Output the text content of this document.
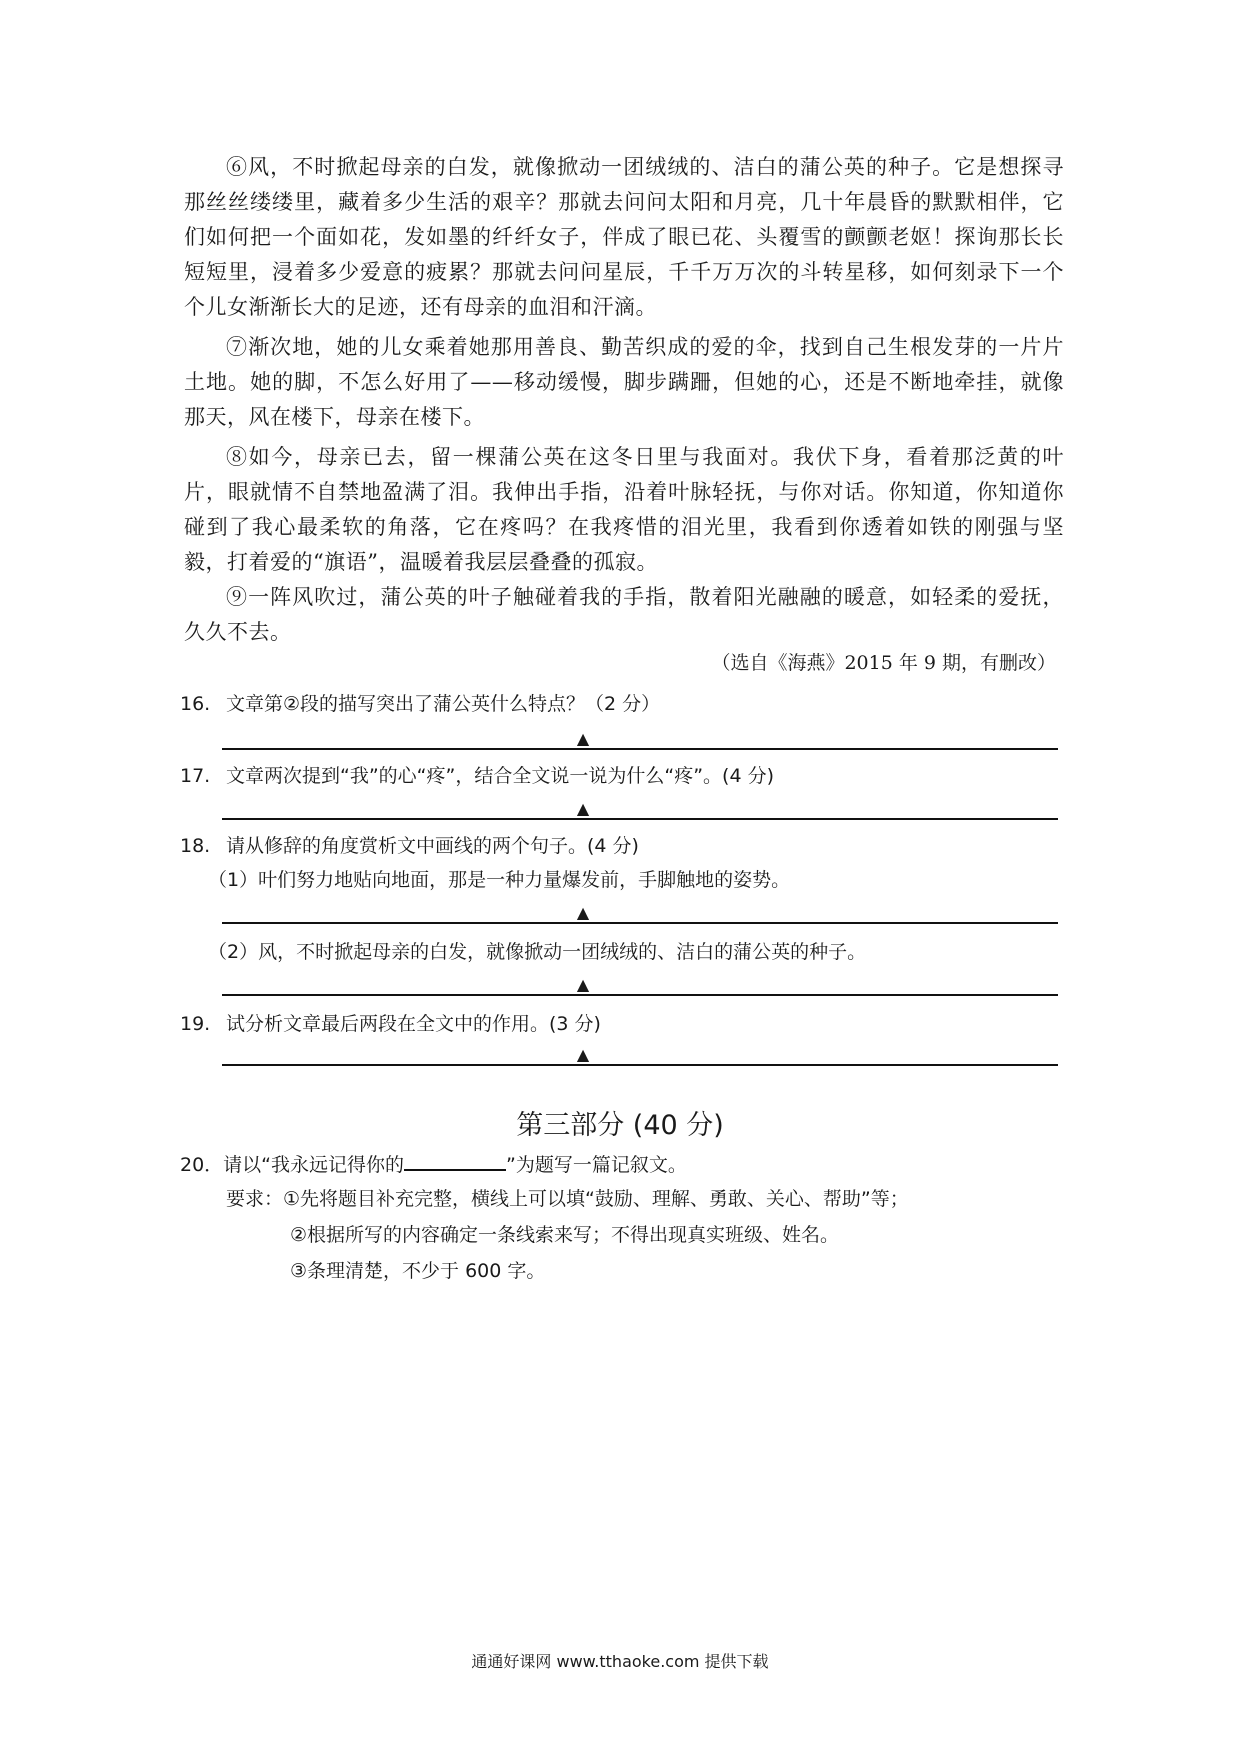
⑥风，不时掀起母亲的白发，就像掀动一团绒绒的、洁白的蒲公英的种子。它是想探寻那丝丝缕缕里，藏着多少生活的艰辛？那就去问问太阳和月亮，几十年晨昏的默默相伴，它们如何把一个面如花，发如墨的纤纤女子，伴成了眼已花、头覆雪的颤颤老妪！探询那长长短短里，浸着多少爱意的疲累？那就去问问星辰，千千万万次的斗转星移，如何刻录下一个个儿女渐渐长大的足迹，还有母亲的血泪和汗滴。

⑦渐次地，她的儿女乘着她那用善良、勤苦织成的爱的伞，找到自己生根发芽的一片片土地。她的脚，不怎么好用了——移动缓慢，脚步蹒跚，但她的心，还是不断地牵挂，就像那天，风在楼下，母亲在楼下。

⑧如今，母亲已去，留一棵蒲公英在这冬日里与我面对。我伏下身，看着那泛黄的叶片，眼就情不自禁地盈满了泪。我伸出手指，沿着叶脉轻抚，与你对话。你知道，你知道你碰到了我心最柔软的角落，它在疼吗？在我疼惜的泪光里，我看到你透着如铁的刚强与坚毅，打着爱的“旗语”，温暖着我层层叠叠的孤寂。

⑨一阵风吹过，蒲公英的叶子触碰着我的手指，散着阳光融融的暖意，如轻柔的爱抚，久久不去。

（选自《海燕》2015 年 9 期，有删改）
16. 文章第②段的描写突出了蒲公英什么特点？（2 分）
▲
17. 文章两次提到“我”的心“疼”，结合全文说一说为什么“疼”。(4 分)
▲
18. 请从修辞的角度赏析文中画线的两个句子。(4 分)
（1）叶们努力地贴向地面，那是一种力量爆发前，手脚触地的姿势。
▲
（2）风，不时掀起母亲的白发，就像掀动一团绒绒的、洁白的蒲公英的种子。
▲
19. 试分析文章最后两段在全文中的作用。(3 分)
▲
第三部分 (40 分)
20．请以“我永远记得你的	”为题写一篇记叙文。
要求：①先将题目补充完整，横线上可以填“鼓励、理解、勇敢、关心、帮助”等；
②根据所写的内容确定一条线索来写；不得出现真实班级、姓名。
③条理清楚，不少于 600 字。
通通好课网 www.tthaoke.com 提供下载
